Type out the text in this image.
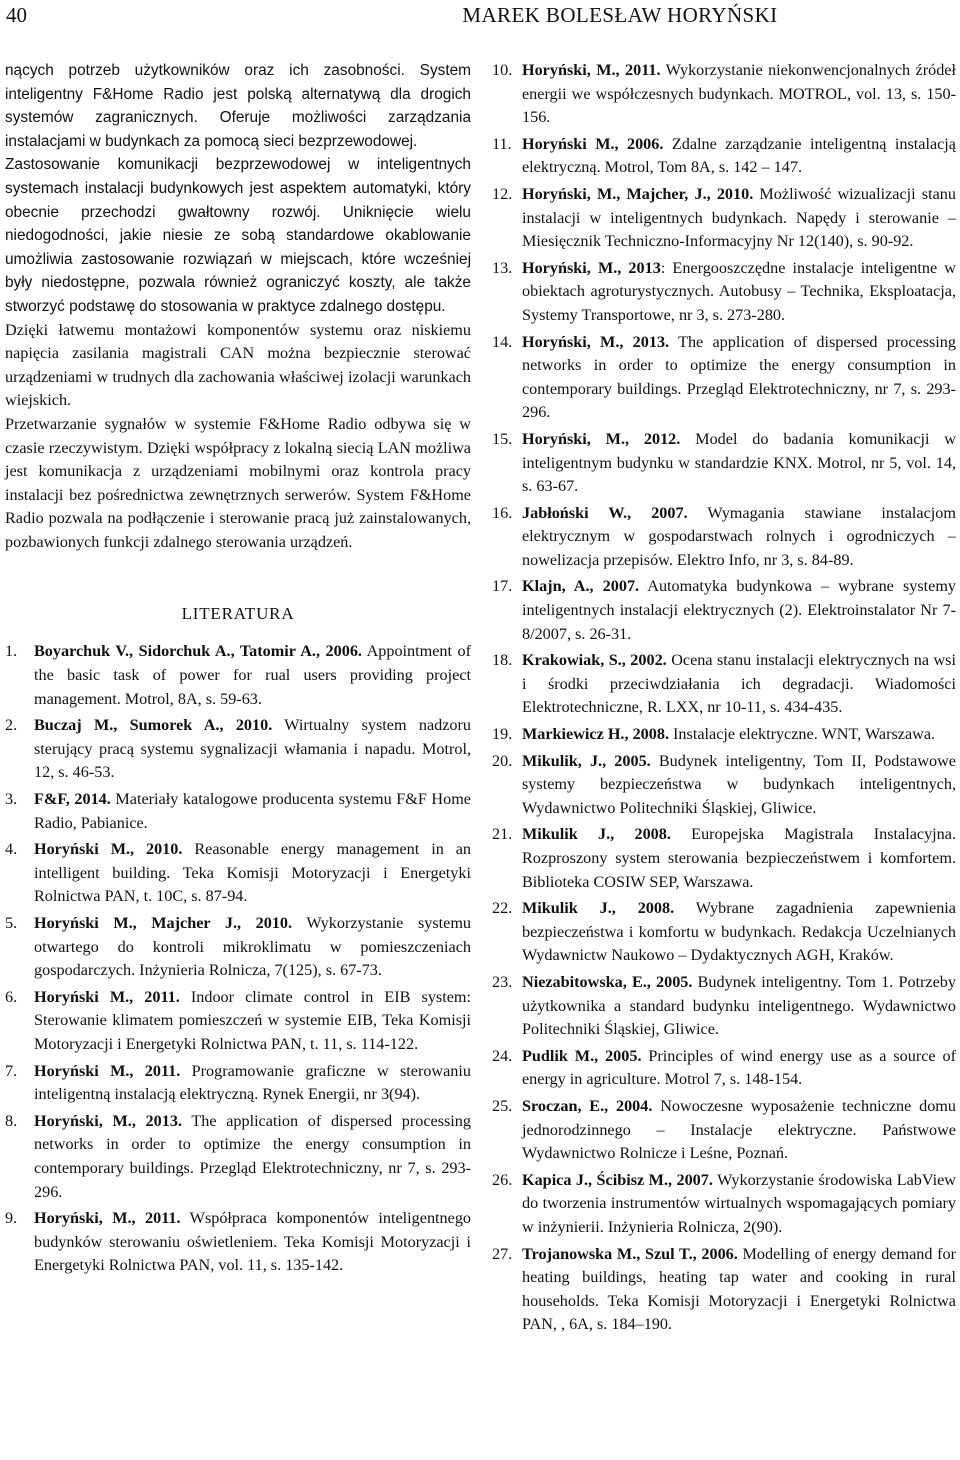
40	MAREK BOLESŁAW HORYŃSKI

nących potrzeb użytkowników oraz ich zasobności. System inteligentny F&Home Radio jest polską alternatywą dla drogich systemów zagranicznych. Oferuje możliwości zarządzania instalacjami w budynkach za pomocą sieci bezprzewodowej.

Zastosowanie komunikacji bezprzewodowej w inteligentnych systemach instalacji budynkowych jest aspektem automatyki, który obecnie przechodzi gwałtowny rozwój. Uniknięcie wielu niedogodności, jakie niesie ze sobą standardowe okablowanie umożliwia zastosowanie rozwiązań w miejscach, które wcześniej były niedostępne, pozwala również ograniczyć koszty, ale także stworzyć podstawę do stosowania w praktyce zdalnego dostępu.

Dzięki łatwemu montażowi komponentów systemu oraz niskiemu napięcia zasilania magistrali CAN można bezpiecznie sterować urządzeniami w trudnych dla zachowania właściwej izolacji warunkach wiejskich.

Przetwarzanie sygnałów w systemie F&Home Radio odbywa się w czasie rzeczywistym. Dzięki współpracy z lokalną siecią LAN możliwa jest komunikacja z urządzeniami mobilnymi oraz kontrola pracy instalacji bez pośrednictwa zewnętrznych serwerów. System F&Home Radio pozwala na podłączenie i sterowanie pracą już zainstalowanych, pozbawionych funkcji zdalnego sterowania urządzeń.

LITERATURA
1.	Boyarchuk V., Sidorchuk A., Tatomir A., 2006. Appointment of the basic task of power for rual users providing project management. Motrol, 8A, s. 59-63.
2.	Buczaj M., Sumorek A., 2010. Wirtualny system nadzoru sterujący pracą systemu sygnalizacji włamania i napadu. Motrol, 12, s. 46-53.
3.	F&F, 2014. Materiały katalogowe producenta systemu F&F Home Radio, Pabianice.
4.	Horyński M., 2010. Reasonable energy management in an intelligent building. Teka Komisji Motoryzacji i Energetyki Rolnictwa PAN, t. 10C, s. 87-94.
5.	Horyński M., Majcher J., 2010. Wykorzystanie systemu otwartego do kontroli mikroklimatu w pomieszczeniach gospodarczych. Inżynieria Rolnicza, 7(125), s. 67-73.
6.	Horyński M., 2011. Indoor climate control in EIB system: Sterowanie klimatem pomieszczeń w systemie EIB, Teka Komisji Motoryzacji i Energetyki Rolnictwa PAN, t. 11, s. 114-122.
7.	Horyński M., 2011. Programowanie graficzne w sterowaniu inteligentną instalacją elektryczną. Rynek Energii, nr 3(94).
8.	Horyński, M., 2013. The application of dispersed processing networks in order to optimize the energy consumption in contemporary buildings. Przegląd Elektrotechniczny, nr 7, s. 293-296.
9.	Horyński, M., 2011. Współpraca komponentów inteligentnego budynków sterowaniu oświetleniem. Teka Komisji Motoryzacji i Energetyki Rolnictwa PAN, vol. 11, s. 135-142.
10. Horyński, M., 2011. Wykorzystanie niekonwencjonalnych źródeł energii we współczesnych budynkach. MOTROL, vol. 13, s. 150-156.
11. Horyński M., 2006. Zdalne zarządzanie inteligentną instalacją elektryczną. Motrol, Tom 8A, s. 142 – 147.
12. Horyński, M., Majcher, J., 2010. Możliwość wizualizacji stanu instalacji w inteligentnych budynkach. Napędy i sterowanie – Miesięcznik Techniczno-Informacyjny Nr 12(140), s. 90-92.
13. Horyński, M., 2013: Energooszczędne instalacje inteligentne w obiektach agroturystycznych. Autobusy – Technika, Eksploatacja, Systemy Transportowe, nr 3, s. 273-280.
14. Horyński, M., 2013. The application of dispersed processing networks in order to optimize the energy consumption in contemporary buildings. Przegląd Elektrotechniczny, nr 7, s. 293-296.
15. Horyński, M., 2012. Model do badania komunikacji w inteligentnym budynku w standardzie KNX. Motrol, nr 5, vol. 14, s. 63-67.
16. Jabłoński W., 2007. Wymagania stawiane instalacjom elektrycznym w gospodarstwach rolnych i ogrodniczych – nowelizacja przepisów. Elektro Info, nr 3, s. 84-89.
17. Klajn, A., 2007. Automatyka budynkowa – wybrane systemy inteligentnych instalacji elektrycznych (2). Elektroinstalator Nr 7-8/2007, s. 26-31.
18. Krakowiak, S., 2002. Ocena stanu instalacji elektrycznych na wsi i środki przeciwdziałania ich degradacji. Wiadomości Elektrotechniczne, R. LXX, nr 10-11, s. 434-435.
19. Markiewicz H., 2008. Instalacje elektryczne. WNT, Warszawa.
20. Mikulik, J., 2005. Budynek inteligentny, Tom II, Podstawowe systemy bezpieczeństwa w budynkach inteligentnych, Wydawnictwo Politechniki Śląskiej, Gliwice.
21. Mikulik J., 2008. Europejska Magistrala Instalacyjna. Rozproszony system sterowania bezpieczeństwem i komfortem. Biblioteka COSIW SEP, Warszawa.
22. Mikulik J., 2008. Wybrane zagadnienia zapewnienia bezpieczeństwa i komfortu w budynkach. Redakcja Uczelnianych Wydawnictw Naukowo – Dydaktycznych AGH, Kraków.
23. Niezabitowska, E., 2005. Budynek inteligentny. Tom 1. Potrzeby użytkownika a standard budynku inteligentnego. Wydawnictwo Politechniki Śląskiej, Gliwice.
24. Pudlik M., 2005. Principles of wind energy use as a source of energy in agriculture. Motrol 7, s. 148-154.
25. Sroczan, E., 2004. Nowoczesne wyposażenie techniczne domu jednorodzinnego – Instalacje elektryczne. Państwowe Wydawnictwo Rolnicze i Leśne, Poznań.
26. Kapica J., Ścibisz M., 2007. Wykorzystanie środowiska LabView do tworzenia instrumentów wirtualnych wspomagających pomiary w inżynierii. Inżynieria Rolnicza, 2(90).
27. Trojanowska M., Szul T., 2006. Modelling of energy demand for heating buildings, heating tap water and cooking in rural households. Teka Komisji Motoryzacji i Energetyki Rolnictwa PAN, , 6A, s. 184–190.
